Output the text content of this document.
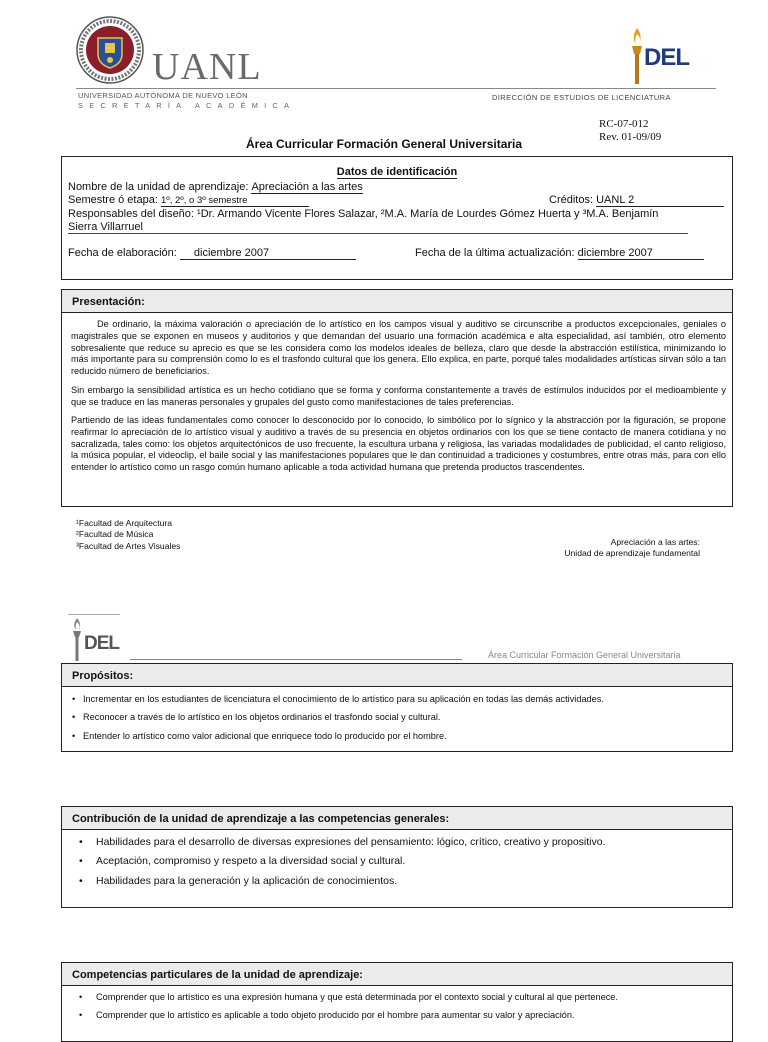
UANL
UNIVERSIDAD AUTÓNOMA DE NUEVO LEÓN
SECRETARÍA ACADÉMICA
DEL
DIRECCIÓN DE ESTUDIOS DE LICENCIATURA
RC-07-012
Rev. 01-09/09
Área Curricular Formación General Universitaria
Datos de identificación
Nombre de la unidad de aprendizaje: Apreciación a las artes
Semestre ó etapa: 1º, 2º, o 3º semestre	Créditos: UANL 2
Responsables del diseño: ¹Dr. Armando Vicente Flores Salazar, ²M.A. María de Lourdes Gómez Huerta y ³M.A. Benjamín
Sierra Villarruel
Fecha de elaboración: diciembre 2007	Fecha de la última actualización: diciembre 2007
Presentación:
De ordinario, la máxima valoración o apreciación de lo artístico en los campos visual y auditivo se circunscribe a productos excepcionales, geniales o magistrales que se exponen en museos y auditorios y que demandan del usuario una formación académica e alta especialidad, así también, otro elemento sobresaliente que reduce su aprecio es que se les considera como los modelos ideales de belleza, claro que desde la abstracción estilística, minimizando lo más importante para su comprensión como lo es el trasfondo cultural que los genera. Ello explica, en parte, porqué tales modalidades artísticas sirvan sólo a tan reducido número de beneficiarios.
Sin embargo la sensibilidad artística es un hecho cotidiano que se forma y conforma constantemente a través de estímulos inducidos por el medioambiente y que se traduce en las maneras personales y grupales del gusto como manifestaciones de tales preferencias.
Partiendo de las ideas fundamentales como conocer lo desconocido por lo conocido, lo simbólico por lo sígnico y la abstracción por la figuración, se propone reafirmar lo apreciación de lo artístico visual y auditivo a través de su presencia en objetos ordinarios con los que se tiene contacto de manera cotidiana y no sacralizada, tales como: los objetos arquitectónicos de uso frecuente, la escultura urbana y religiosa, las variadas modalidades de publicidad, el canto religioso, la música popular, el videoclip, el baile social y las manifestaciones populares que le dan continuidad a tradiciones y costumbres, entre otras más, para con ello entender lo artístico como un rasgo común humano aplicable a toda actividad humana que pretenda productos trascendentes.
¹Facultad de Arquitectura
²Facultad de Música
³Facultad de Artes Visuales	Apreciación a las artes:
Unidad de aprendizaje fundamental
DEL
Área Curricular Formación General Universitaria
Propósitos:
• Incrementar en los estudiantes de licenciatura el conocimiento de lo artístico para su aplicación en todas las demás actividades.
• Reconocer a través de lo artístico en los objetos ordinarios el trasfondo social y cultural.
• Entender lo artístico como valor adicional que enriquece todo lo producido por el hombre.
Contribución de la unidad de aprendizaje a las competencias generales:
• Habilidades para el desarrollo de diversas expresiones del pensamiento: lógico, crítico, creativo y propositivo.
• Aceptación, compromiso y respeto a la diversidad social y cultural.
• Habilidades para la generación y la aplicación de conocimientos.
Competencias particulares de la unidad de aprendizaje:
• Comprender que lo artístico es una expresión humana y que está determinada por el contexto social y cultural al que pertenece.
• Comprender que lo artístico es aplicable a todo objeto producido por el hombre para aumentar su valor y apreciación.
